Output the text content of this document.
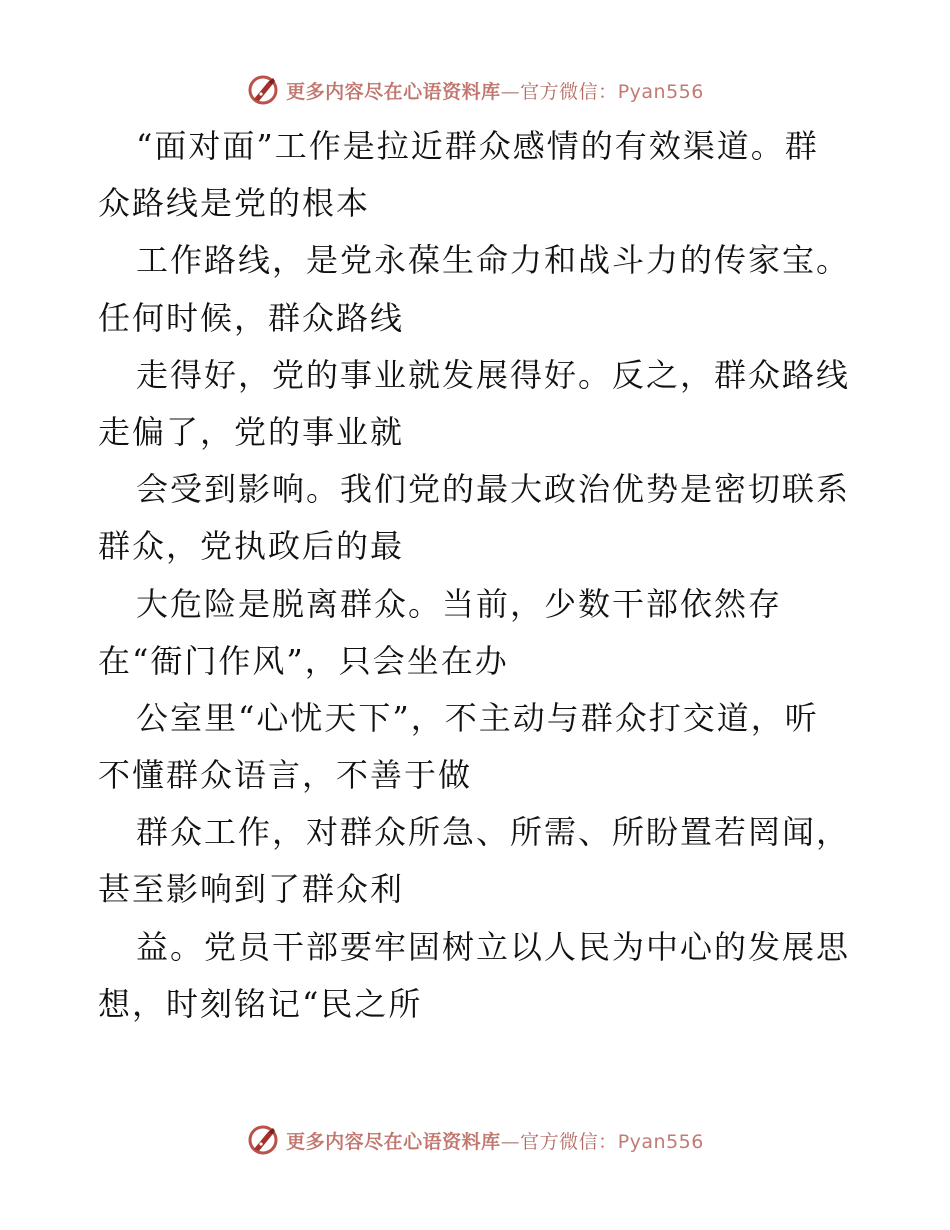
更多内容尽在心语资料库—官方微信：Pyan556
“面对面”工作是拉近群众感情的有效渠道。群
众路线是党的根本
工作路线，是党永葆生命力和战斗力的传家宝。
任何时候，群众路线
走得好，党的事业就发展得好。反之，群众路线
走偏了，党的事业就
会受到影响。我们党的最大政治优势是密切联系
群众，党执政后的最
大危险是脱离群众。当前，少数干部依然存
在“衙门作风”，只会坐在办
公室里“心忧天下”，不主动与群众打交道，听
不懂群众语言，不善于做
群众工作，对群众所急、所需、所盼置若罔闻，
甚至影响到了群众利
益。党员干部要牢固树立以人民为中心的发展思
想，时刻铭记“民之所
更多内容尽在心语资料库—官方微信：Pyan556
